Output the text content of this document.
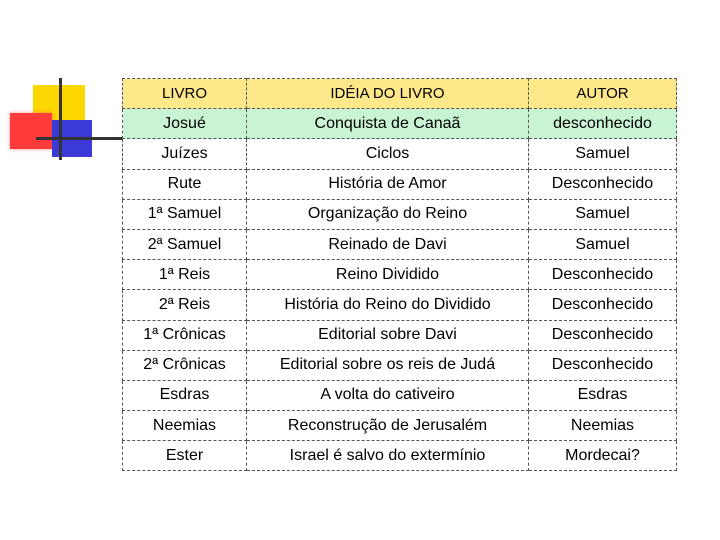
LIVRO	IDÉIA DO LIVRO	AUTOR
Josué	Conquista de Canaã	desconhecido
Juízes	Ciclos	Samuel
Rute	História de Amor	Desconhecido
1ª Samuel	Organização do Reino	Samuel
2ª Samuel	Reinado de Davi	Samuel
1ª Reis	Reino Dividido	Desconhecido
2ª Reis	História do Reino do Dividido	Desconhecido
1ª Crônicas	Editorial sobre Davi	Desconhecido
2ª Crônicas	Editorial sobre os reis de Judá	Desconhecido
Esdras	A volta do cativeiro	Esdras
Neemias	Reconstrução de Jerusalém	Neemias
Ester	Israel é salvo do extermínio	Mordecai?
